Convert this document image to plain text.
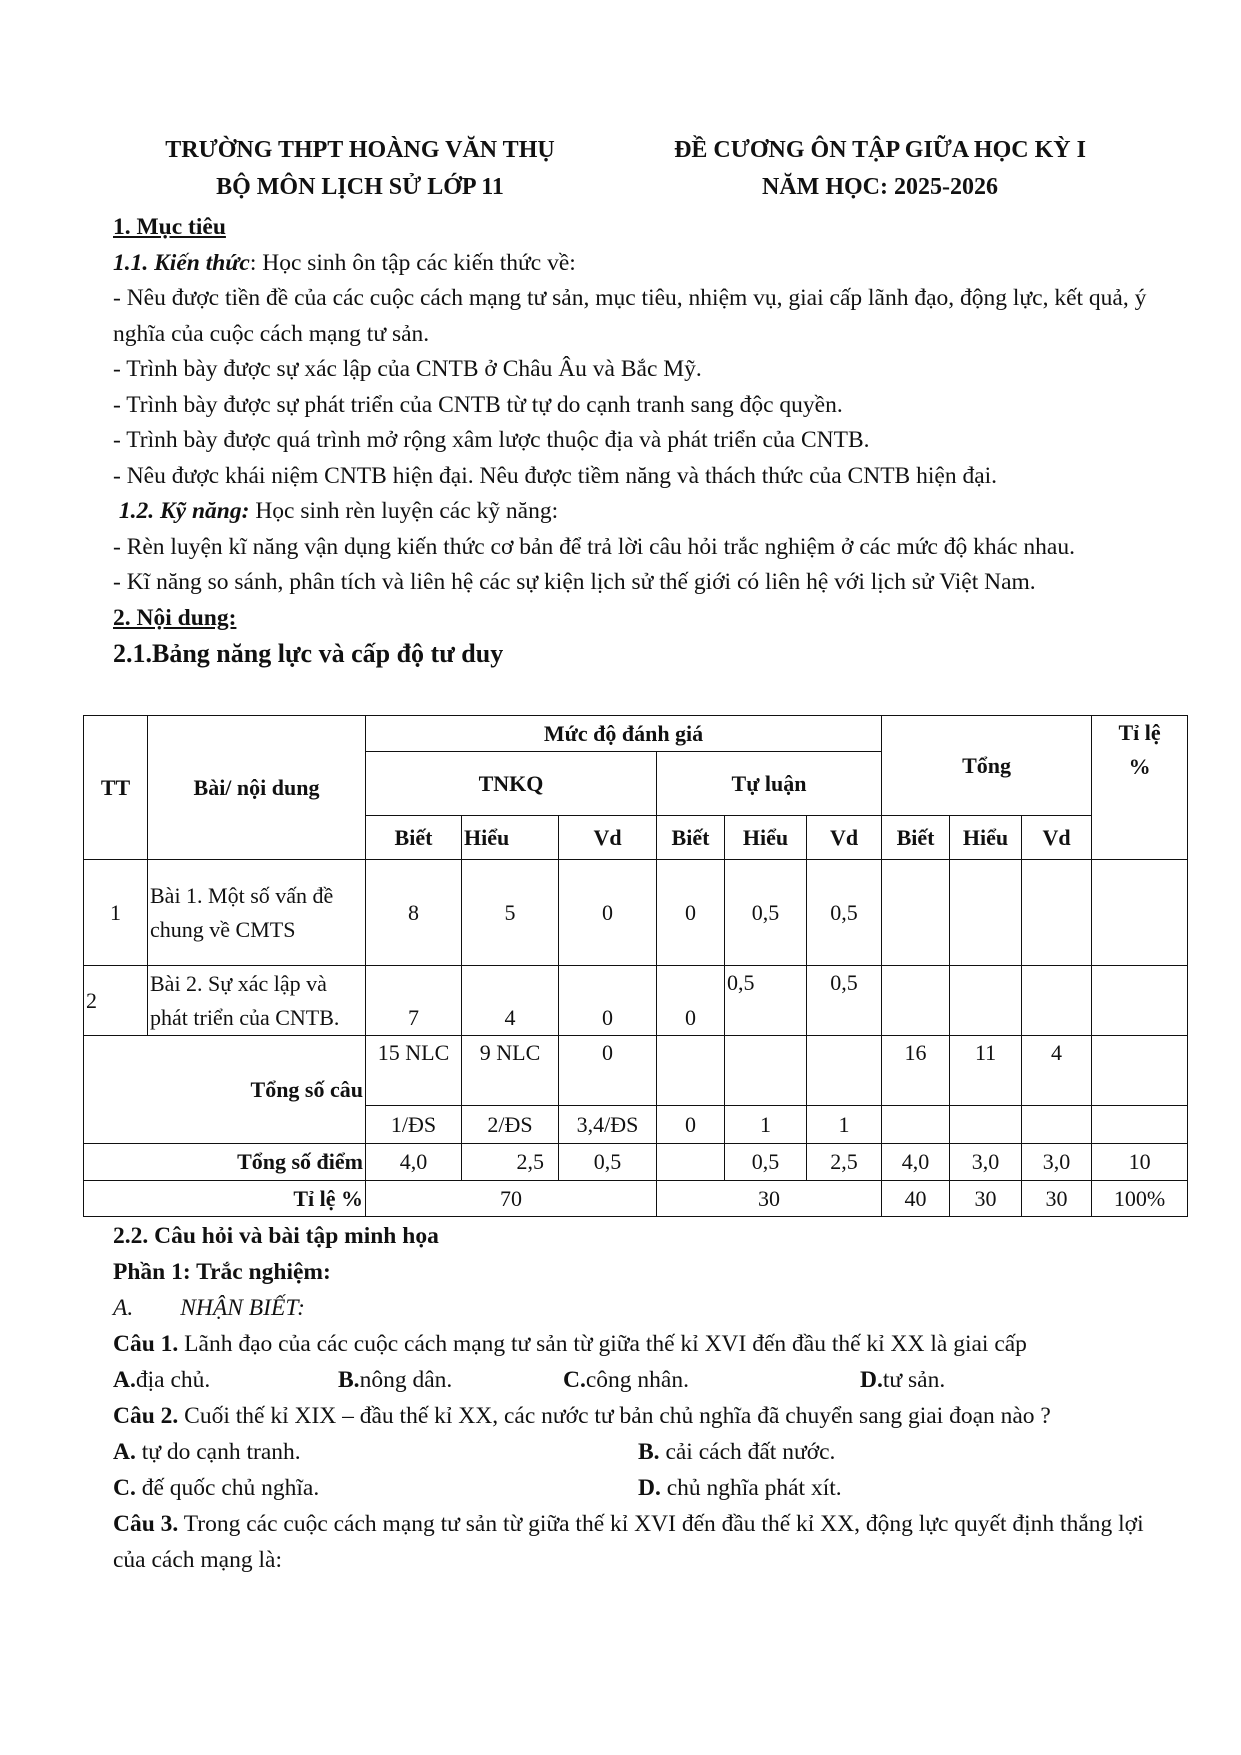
TRƯỜNG THPT HOÀNG VĂN THỤ
BỘ MÔN LỊCH SỬ LỚP 11
ĐỀ CƯƠNG ÔN TẬP GIỮA HỌC KỲ I
NĂM HỌC: 2025-2026

1. Mục tiêu

1.1. Kiến thức: Học sinh ôn tập các kiến thức về:

- Nêu được tiền đề của các cuộc cách mạng tư sản, mục tiêu, nhiệm vụ, giai cấp lãnh đạo, động lực, kết quả, ý nghĩa của cuộc cách mạng tư sản.

- Trình bày được sự xác lập của CNTB ở Châu Âu và Bắc Mỹ.

- Trình bày được sự phát triển của CNTB từ tự do cạnh tranh sang độc quyền.

- Trình bày được quá trình mở rộng xâm lược thuộc địa và phát triển của CNTB.

- Nêu được khái niệm CNTB hiện đại. Nêu được tiềm năng và thách thức của CNTB hiện đại.

1.2. Kỹ năng: Học sinh rèn luyện các kỹ năng:

- Rèn luyện kĩ năng vận dụng kiến thức cơ bản để trả lời câu hỏi trắc nghiệm ở các mức độ khác nhau.

- Kĩ năng so sánh, phân tích và liên hệ các sự kiện lịch sử thế giới có liên hệ với lịch sử Việt Nam.

2. Nội dung:

2.1.Bảng năng lực và cấp độ tư duy

TT	Bài/ nội dung	Mức độ đánh giá						Tổng			Tỉ lệ %
		TNKQ			Tự luận						
		Biết	Hiểu	Vd	Biết	Hiểu	Vd	Biết	Hiểu	Vd	
1	Bài 1. Một số vấn đề chung về CMTS	8	5	0	0	0,5	0,5				
2	Bài 2. Sự xác lập và phát triển của CNTB.	7	4	0	0	0,5	0,5				
Tổng số câu		15 NLC	9 NLC	0				16	11	4	
		1/ĐS	2/ĐS	3,4/ĐS	0	1	1				
Tổng số điểm		4,0	2,5	0,5		0,5	2,5	4,0	3,0	3,0	10
Tỉ lệ %		70			30			40	30	30	100%

2.2. Câu hỏi và bài tập minh họa

Phần 1: Trắc nghiệm:

A.        NHẬN BIẾT:

Câu 1. Lãnh đạo của các cuộc cách mạng tư sản từ giữa thế kỉ XVI đến đầu thế kỉ XX là giai cấp

A.địa chủ.	B.nông dân.	C.công nhân.	D.tư sản.

Câu 2. Cuối thế kỉ XIX – đầu thế kỉ XX, các nước tư bản chủ nghĩa đã chuyển sang giai đoạn nào ?

A. tự do cạnh tranh.	B. cải cách đất nước.
C. đế quốc chủ nghĩa.	D. chủ nghĩa phát xít.

Câu 3. Trong các cuộc cách mạng tư sản từ giữa thế kỉ XVI đến đầu thế kỉ XX, động lực quyết định thắng lợi của cách mạng là:
